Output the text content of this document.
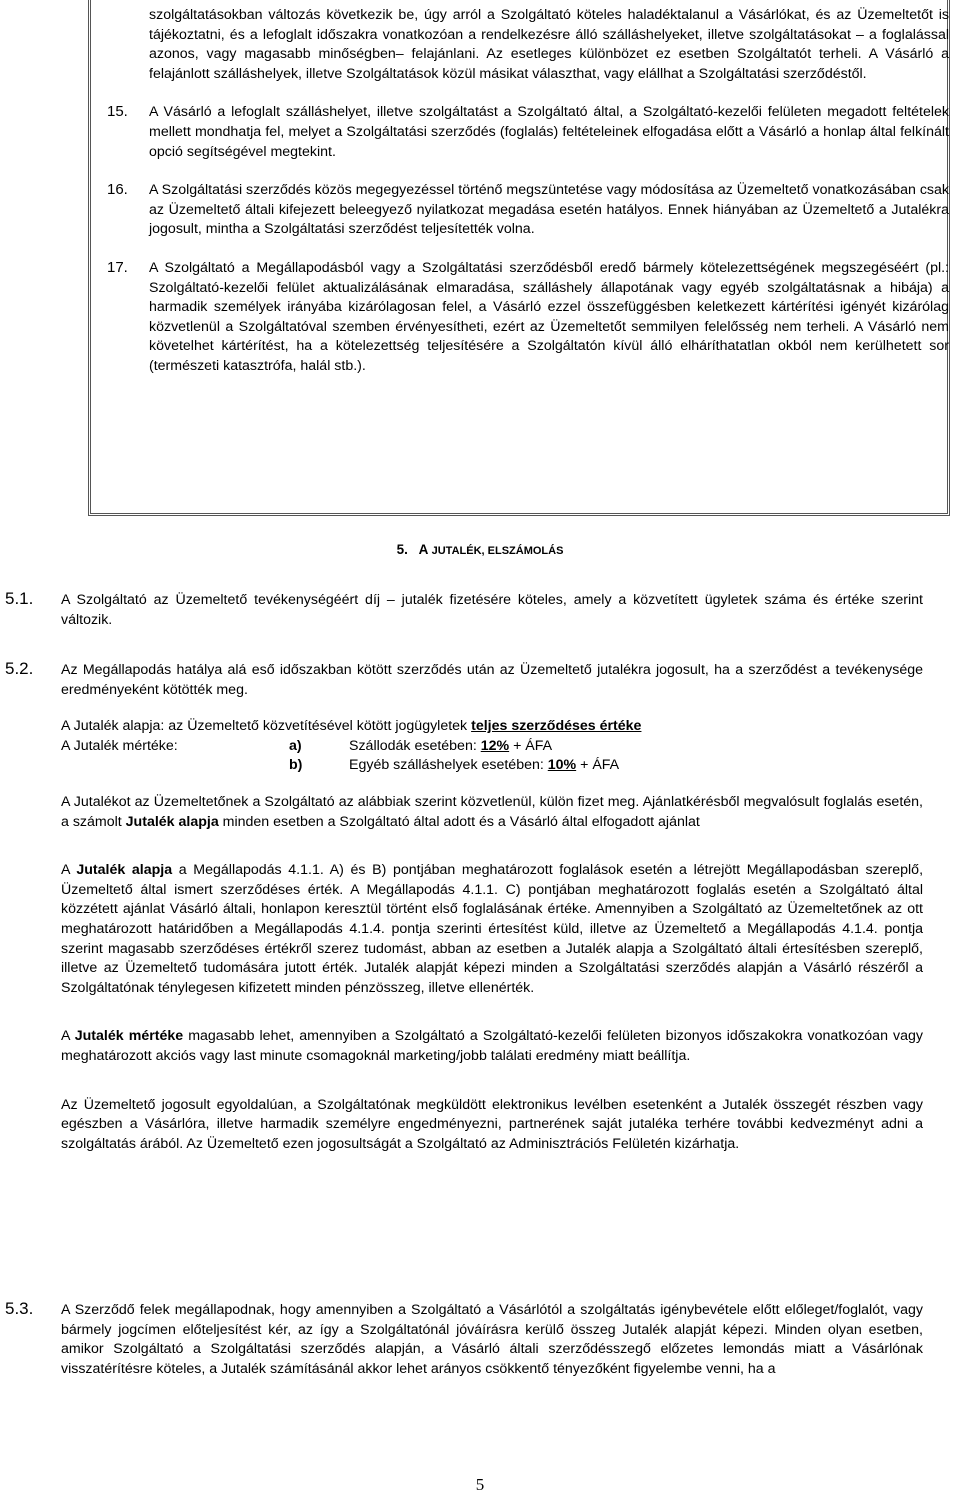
szolgáltatásokban változás következik be, úgy arról a Szolgáltató köteles haladéktalanul a Vásárlókat, és az Üzemeltetőt is tájékoztatni, és a lefoglalt időszakra vonatkozóan a rendelkezésre álló szálláshelyeket, illetve szolgáltatásokat – a foglalással azonos, vagy magasabb minőségben– felajánlani. Az esetleges különbözet ez esetben Szolgáltatót terheli. A Vásárló a felajánlott szálláshelyek, illetve Szolgáltatások közül másikat választhat, vagy elállhat a Szolgáltatási szerződéstől.

15. A Vásárló a lefoglalt szálláshelyet, illetve szolgáltatást a Szolgáltató által, a Szolgáltató-kezelői felületen megadott feltételek mellett mondhatja fel, melyet a Szolgáltatási szerződés (foglalás) feltételeinek elfogadása előtt a Vásárló a honlap által felkínált opció segítségével megtekint.

16. A Szolgáltatási szerződés közös megegyezéssel történő megszüntetése vagy módosítása az Üzemeltető vonatkozásában csak az Üzemeltető általi kifejezett beleegyező nyilatkozat megadása esetén hatályos. Ennek hiányában az Üzemeltető a Jutalékra jogosult, mintha a Szolgáltatási szerződést teljesítették volna.

17. A Szolgáltató a Megállapodásból vagy a Szolgáltatási szerződésből eredő bármely kötelezettségének megszegéséért (pl.: Szolgáltató-kezelői felület aktualizálásának elmaradása, szálláshely állapotának vagy egyéb szolgáltatásnak a hibája) a harmadik személyek irányába kizárólagosan felel, a Vásárló ezzel összefüggésben keletkezett kártérítési igényét kizárólag közvetlenül a Szolgáltatóval szemben érvényesítheti, ezért az Üzemeltetőt semmilyen felelősség nem terheli. A Vásárló nem követelhet kártérítést, ha a kötelezettség teljesítésére a Szolgáltatón kívül álló elháríthatatlan okból nem kerülhetett sor (természeti katasztrófa, halál stb.).

5. A JUTALÉK, ELSZÁMOLÁS
5.1. A Szolgáltató az Üzemeltető tevékenységéért díj – jutalék fizetésére köteles, amely a közvetített ügyletek száma és értéke szerint változik.

5.2. Az Megállapodás hatálya alá eső időszakban kötött szerződés után az Üzemeltető jutalékra jogosult, ha a szerződést a tevékenysége eredményeként kötötték meg.

A Jutalék alapja: az Üzemeltető közvetítésével kötött jogügyletek teljes szerződéses értéke

A Jutalék mértéke:	a)	Szállodák esetében: 12% + ÁFA
b)	Egyéb szálláshelyek esetében: 10% + ÁFA

A Jutalékot az Üzemeltetőnek a Szolgáltató az alábbiak szerint közvetlenül, külön fizet meg. Ajánlatkérésből megvalósult foglalás esetén, a számolt Jutalék alapja minden esetben a Szolgáltató által adott és a Vásárló által elfogadott ajánlat

A Jutalék alapja a Megállapodás 4.1.1. A) és B) pontjában meghatározott foglalások esetén a létrejött Megállapodásban szereplő, Üzemeltető által ismert szerződéses érték. A Megállapodás 4.1.1. C) pontjában meghatározott foglalás esetén a Szolgáltató által közzétett ajánlat Vásárló általi, honlapon keresztül történt első foglalásának értéke. Amennyiben a Szolgáltató az Üzemeltetőnek az ott meghatározott határidőben a Megállapodás 4.1.4. pontja szerinti értesítést küld, illetve az Üzemeltető a Megállapodás 4.1.4. pontja szerint magasabb szerződéses értékről szerez tudomást, abban az esetben a Jutalék alapja a Szolgáltató általi értesítésben szereplő, illetve az Üzemeltető tudomására jutott érték. Jutalék alapját képezi minden a Szolgáltatási szerződés alapján a Vásárló részéről a Szolgáltatónak ténylegesen kifizetett minden pénzösszeg, illetve ellenérték.

A Jutalék mértéke magasabb lehet, amennyiben a Szolgáltató a Szolgáltató-kezelői felületen bizonyos időszakokra vonatkozóan vagy meghatározott akciós vagy last minute csomagoknál marketing/jobb találati eredmény miatt beállítja.

Az Üzemeltető jogosult egyoldalúan, a Szolgáltatónak megküldött elektronikus levélben esetenként a Jutalék összegét részben vagy egészben a Vásárlóra, illetve harmadik személyre engedményezni, partnerének saját jutaléka terhére további kedvezményt adni a szolgáltatás árából. Az Üzemeltető ezen jogosultságát a Szolgáltató az Adminisztrációs Felületén kizárhatja.

5.3. A Szerződő felek megállapodnak, hogy amennyiben a Szolgáltató a Vásárlótól a szolgáltatás igénybevétele előtt előleget/foglalót, vagy bármely jogcímen előteljesítést kér, az így a Szolgáltatónál jóváírásra kerülő összeg Jutalék alapját képezi. Minden olyan esetben, amikor Szolgáltató a Szolgáltatási szerződés alapján, a Vásárló általi szerződésszegő előzetes lemondás miatt a Vásárlónak visszatérítésre köteles, a Jutalék számításánál akkor lehet arányos csökkentő tényezőként figyelembe venni, ha a

5
